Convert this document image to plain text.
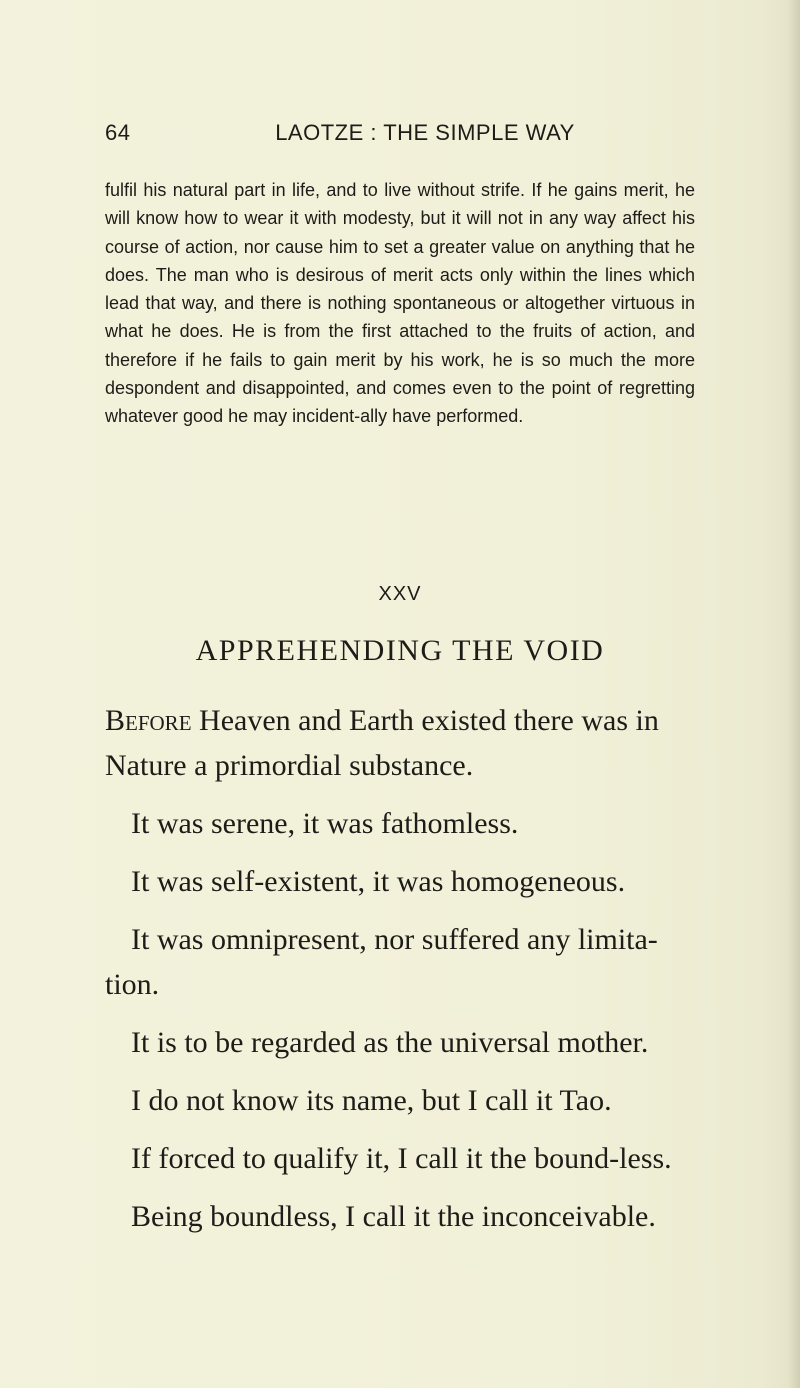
64	LAOTZE : THE SIMPLE WAY

fulfil his natural part in life, and to live without strife. If he gains merit, he will know how to wear it with modesty, but it will not in any way affect his course of action, nor cause him to set a greater value on anything that he does. The man who is desirous of merit acts only within the lines which lead that way, and there is nothing spontaneous or altogether virtuous in what he does. He is from the first attached to the fruits of action, and therefore if he fails to gain merit by his work, he is so much the more despondent and disappointed, and comes even to the point of regretting whatever good he may incident-ally have performed.

XXV
APPREHENDING THE VOID

Before Heaven and Earth existed there was in Nature a primordial substance.

It was serene, it was fathomless.

It was self-existent, it was homogeneous.

It was omnipresent, nor suffered any limita-tion.

It is to be regarded as the universal mother.

I do not know its name, but I call it Tao.

If forced to qualify it, I call it the bound-less.

Being boundless, I call it the inconceivable.
